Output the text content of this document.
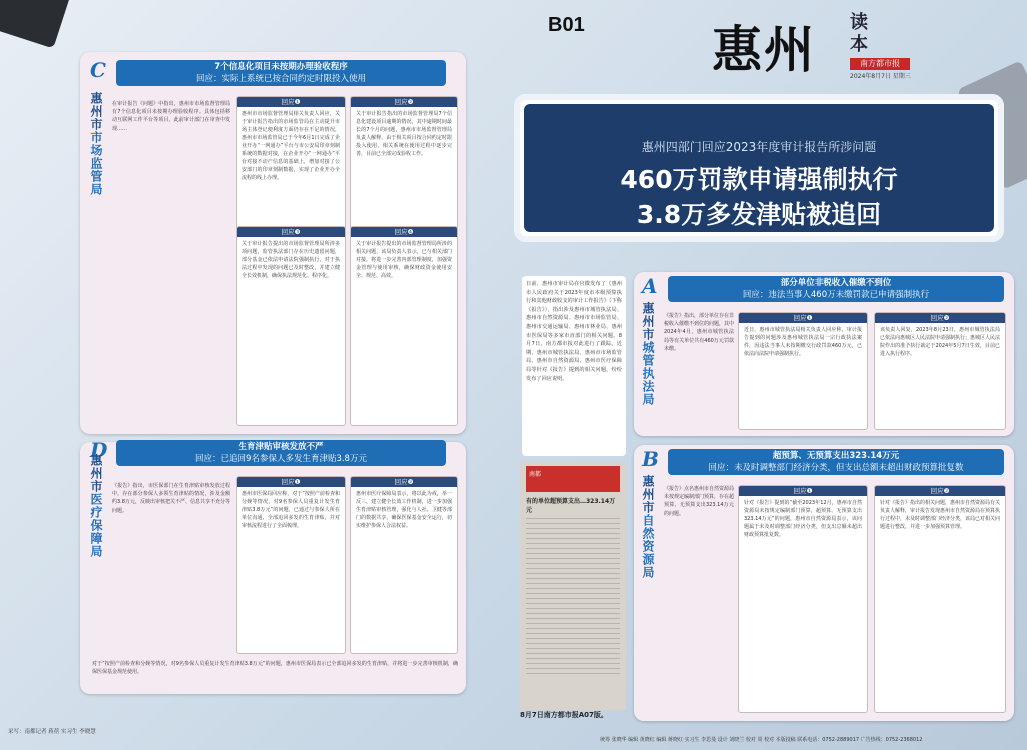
B01	惠州 读本
南方都市报
2024年8月7日 星期三
C	7个信息化项目未按期办理验收程序
回应：实际上系统已按合同约定时限投入使用
惠州市市场监管局
在审计报告《问题》中指出，惠州市市场监督管理局有7个信息化项目未按期办理验收程序。具体包括移动互联网工作平台等项目，此前审计部门在审查中发现……
回应❶
惠州市市场监督管理局相关负责人回应，关于审计报告指出的市场监管局在主动提升市场主体登记便利度方面仍存在不足的情况，惠州市市场监管局已于今年6月1日完成了企业开办“一网通办”平台与市公安局印章刻制系统的数据对接，在企业开办“一网通办”平台对接不动产信息的基础上，增加对接了公安部门的印章刻制数据，实现了企业开办全流程的线上办理。
回应❷
关于审计报告指出的市场监督管理局7个信息化建设项目逾期的情况，其中逾期时间最长的7个月的问题，惠州市市场监督管理局负责人解释，由于相关项目按合同约定时限投入使用，相关系统在使用过程中逐步完善，目前已全部完成验收工作。
回应❸
关于审计报告提出的市场监督管理局所涉多项问题，监管执法部门存在历史遗留问题，部分基金已依法申请法院强制执行，对于执法过程中发现的问题已及时整改，并建立健全长效机制，确保执法规范化、程序化。
回应❹
关于审计报告提出的市场监督管理局所涉的相关问题，该局负责人表示，已与相关部门对接，将进一步完善内部管理制度，加强资金管理与使用审核，确保财政资金使用安全、规范、高效。
D	生育津贴审核发放不严
回应：已追回9名参保人多发生育津贴3.8万元
惠州市医疗保障局
《报告》指出，市医保部门在生育津贴审核发放过程中，存在部分参保人多领生育津贴的情况，涉及金额约3.8万元，反映出审核把关不严、信息共享不充分等问题。
回应❶
惠州市医保局回应称，对于“按照产前检查和分娩等情况，对9名参保人员重复计发生育津贴3.8万元”的问题，已通过与参保人所在单位沟通，全部追回多发的生育津贴，并对审核流程进行了全面梳理。
回应❷
惠州市医疗保障局表示，将以此为戒，举一反三，建立健全长效工作机制，进一步加强生育津贴审核管理，强化与人社、卫健等部门的数据共享，确保医保基金安全运行，切实维护参保人合法权益。
对于“按照产前检查和分娩等情况，对9名参保人员重复计发生育津贴3.8万元”的问题，惠州市医保局表示已全部追回多发的生育津贴，并将进一步完善审核机制，确保医保基金规范使用。
惠州四部门回应2023年度审计报告所涉问题
460万罚款申请强制执行
3.8万多发津贴被追回
日前，惠州市审计局在官微发布了《惠州市人民政府关于2023年度市本级预算执行和其他财政收支的审计工作报告》（下称《报告》），指出涉及惠州市城管执法局、惠州市自然资源局、惠州市市场监管局、惠州市交通运输局、惠州市林业局、惠州市医保局等多家市直部门的相关问题。8月7日，南方都市报对此进行了跟踪。近期，惠州市城管执法局、惠州市市场监管局、惠州市自然资源局、惠州市医疗保障局等针对《报告》提到的相关问题，纷纷发布了回应说明。
南都
有的单位超预算支出…323.14万元
8月7日南方都市报A07版。
A	部分单位非税收入催缴不到位
回应：违法当事人460万未缴罚款已申请强制执行
惠州市城管执法局
《报告》指出，部分单位存在非税收入催缴不到位的问题，其中2024年4月，惠州市城管执法局等有关单位共有460万元罚款未缴。
回应❶
近日，惠州市城管执法局相关负责人回应称，审计报告提到的问题涉及惠州城管执法局一宗行政执法案件，因违法当事人未按期缴交行政罚款460万元，已依法向法院申请强制执行。
回应❷
该负责人回复，2023年8月23日，惠州市城管执法局已依法向惠城区人民法院申请强制执行；惠城区人民法院作出的准予执行裁定于2024年5月7日生效，目前已进入执行程序。
B	超预算、无预算支出323.14万元
回应：未及时调整部门经济分类，但支出总额未超出财政预算批复数
惠州市自然资源局
《报告》点名惠州市自然资源局未按规定编制部门预算，存在超预算、无预算支出323.14万元的问题。
回应❶
针对《报告》提到的“截至2023年12月，惠州市自然资源局未按规定编制部门预算，超预算、无预算支出323.14万元”的问题，惠州市自然资源局表示，该问题属于未及时调整部门经济分类，但支出总额未超出财政预算批复数。
回应❷
针对《报告》指出的相关问题，惠州市自然资源局有关负责人解释，审计报告发现惠州市自然资源局在预算执行过程中，未及时调整部门经济分类，该局已对相关问题进行整改，并进一步加强预算管理。
采写：南都记者 蒋蓓 实习生 李晓慧
统筹 张晓华 编辑 黄晓红 编辑 蒋晓红 实习生 李思曼 设计 刘晓兰 校对 周 校对 本版投稿 联系电话：0752-2889017 广告热线：0752-2368012
